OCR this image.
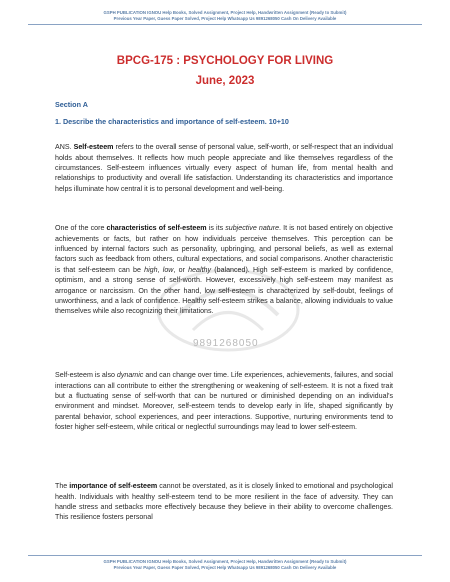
GSPH PUBLICATION IGNOU Help Books, Solved Assignment, Project Help, Handwritten Assignment (Ready to Submit)
Previous Year Paper, Guess Paper Solved, Project Help Whatsapp Us 9891268050 Cash On Delivery Available
BPCG-175 : PSYCHOLOGY FOR LIVING
June, 2023
Section A
1. Describe the characteristics and importance of self-esteem. 10+10
9891268050

ANS. Self-esteem refers to the overall sense of personal value, self-worth, or self-respect that an individual holds about themselves. It reflects how much people appreciate and like themselves regardless of the circumstances. Self-esteem influences virtually every aspect of human life, from mental health and relationships to productivity and overall life satisfaction. Understanding its characteristics and importance helps illuminate how central it is to personal development and well-being.

One of the core characteristics of self-esteem is its subjective nature. It is not based entirely on objective achievements or facts, but rather on how individuals perceive themselves. This perception can be influenced by internal factors such as personality, upbringing, and personal beliefs, as well as external factors such as feedback from others, cultural expectations, and social comparisons. Another characteristic is that self-esteem can be high, low, or healthy (balanced). High self-esteem is marked by confidence, optimism, and a strong sense of self-worth. However, excessively high self-esteem may manifest as arrogance or narcissism. On the other hand, low self-esteem is characterized by self-doubt, feelings of unworthiness, and a lack of confidence. Healthy self-esteem strikes a balance, allowing individuals to value themselves while also recognizing their limitations.

Self-esteem is also dynamic and can change over time. Life experiences, achievements, failures, and social interactions can all contribute to either the strengthening or weakening of self-esteem. It is not a fixed trait but a fluctuating sense of self-worth that can be nurtured or diminished depending on an individual's environment and mindset. Moreover, self-esteem tends to develop early in life, shaped significantly by parental behavior, school experiences, and peer interactions. Supportive, nurturing environments tend to foster higher self-esteem, while critical or neglectful surroundings may lead to lower self-esteem.

The importance of self-esteem cannot be overstated, as it is closely linked to emotional and psychological health. Individuals with healthy self-esteem tend to be more resilient in the face of adversity. They can handle stress and setbacks more effectively because they believe in their ability to overcome challenges. This resilience fosters personal

GSPH PUBLICATION IGNOU Help Books, Solved Assignment, Project Help, Handwritten Assignment (Ready to Submit)
Previous Year Paper, Guess Paper Solved, Project Help Whatsapp Us 9891268050 Cash On Delivery Available
